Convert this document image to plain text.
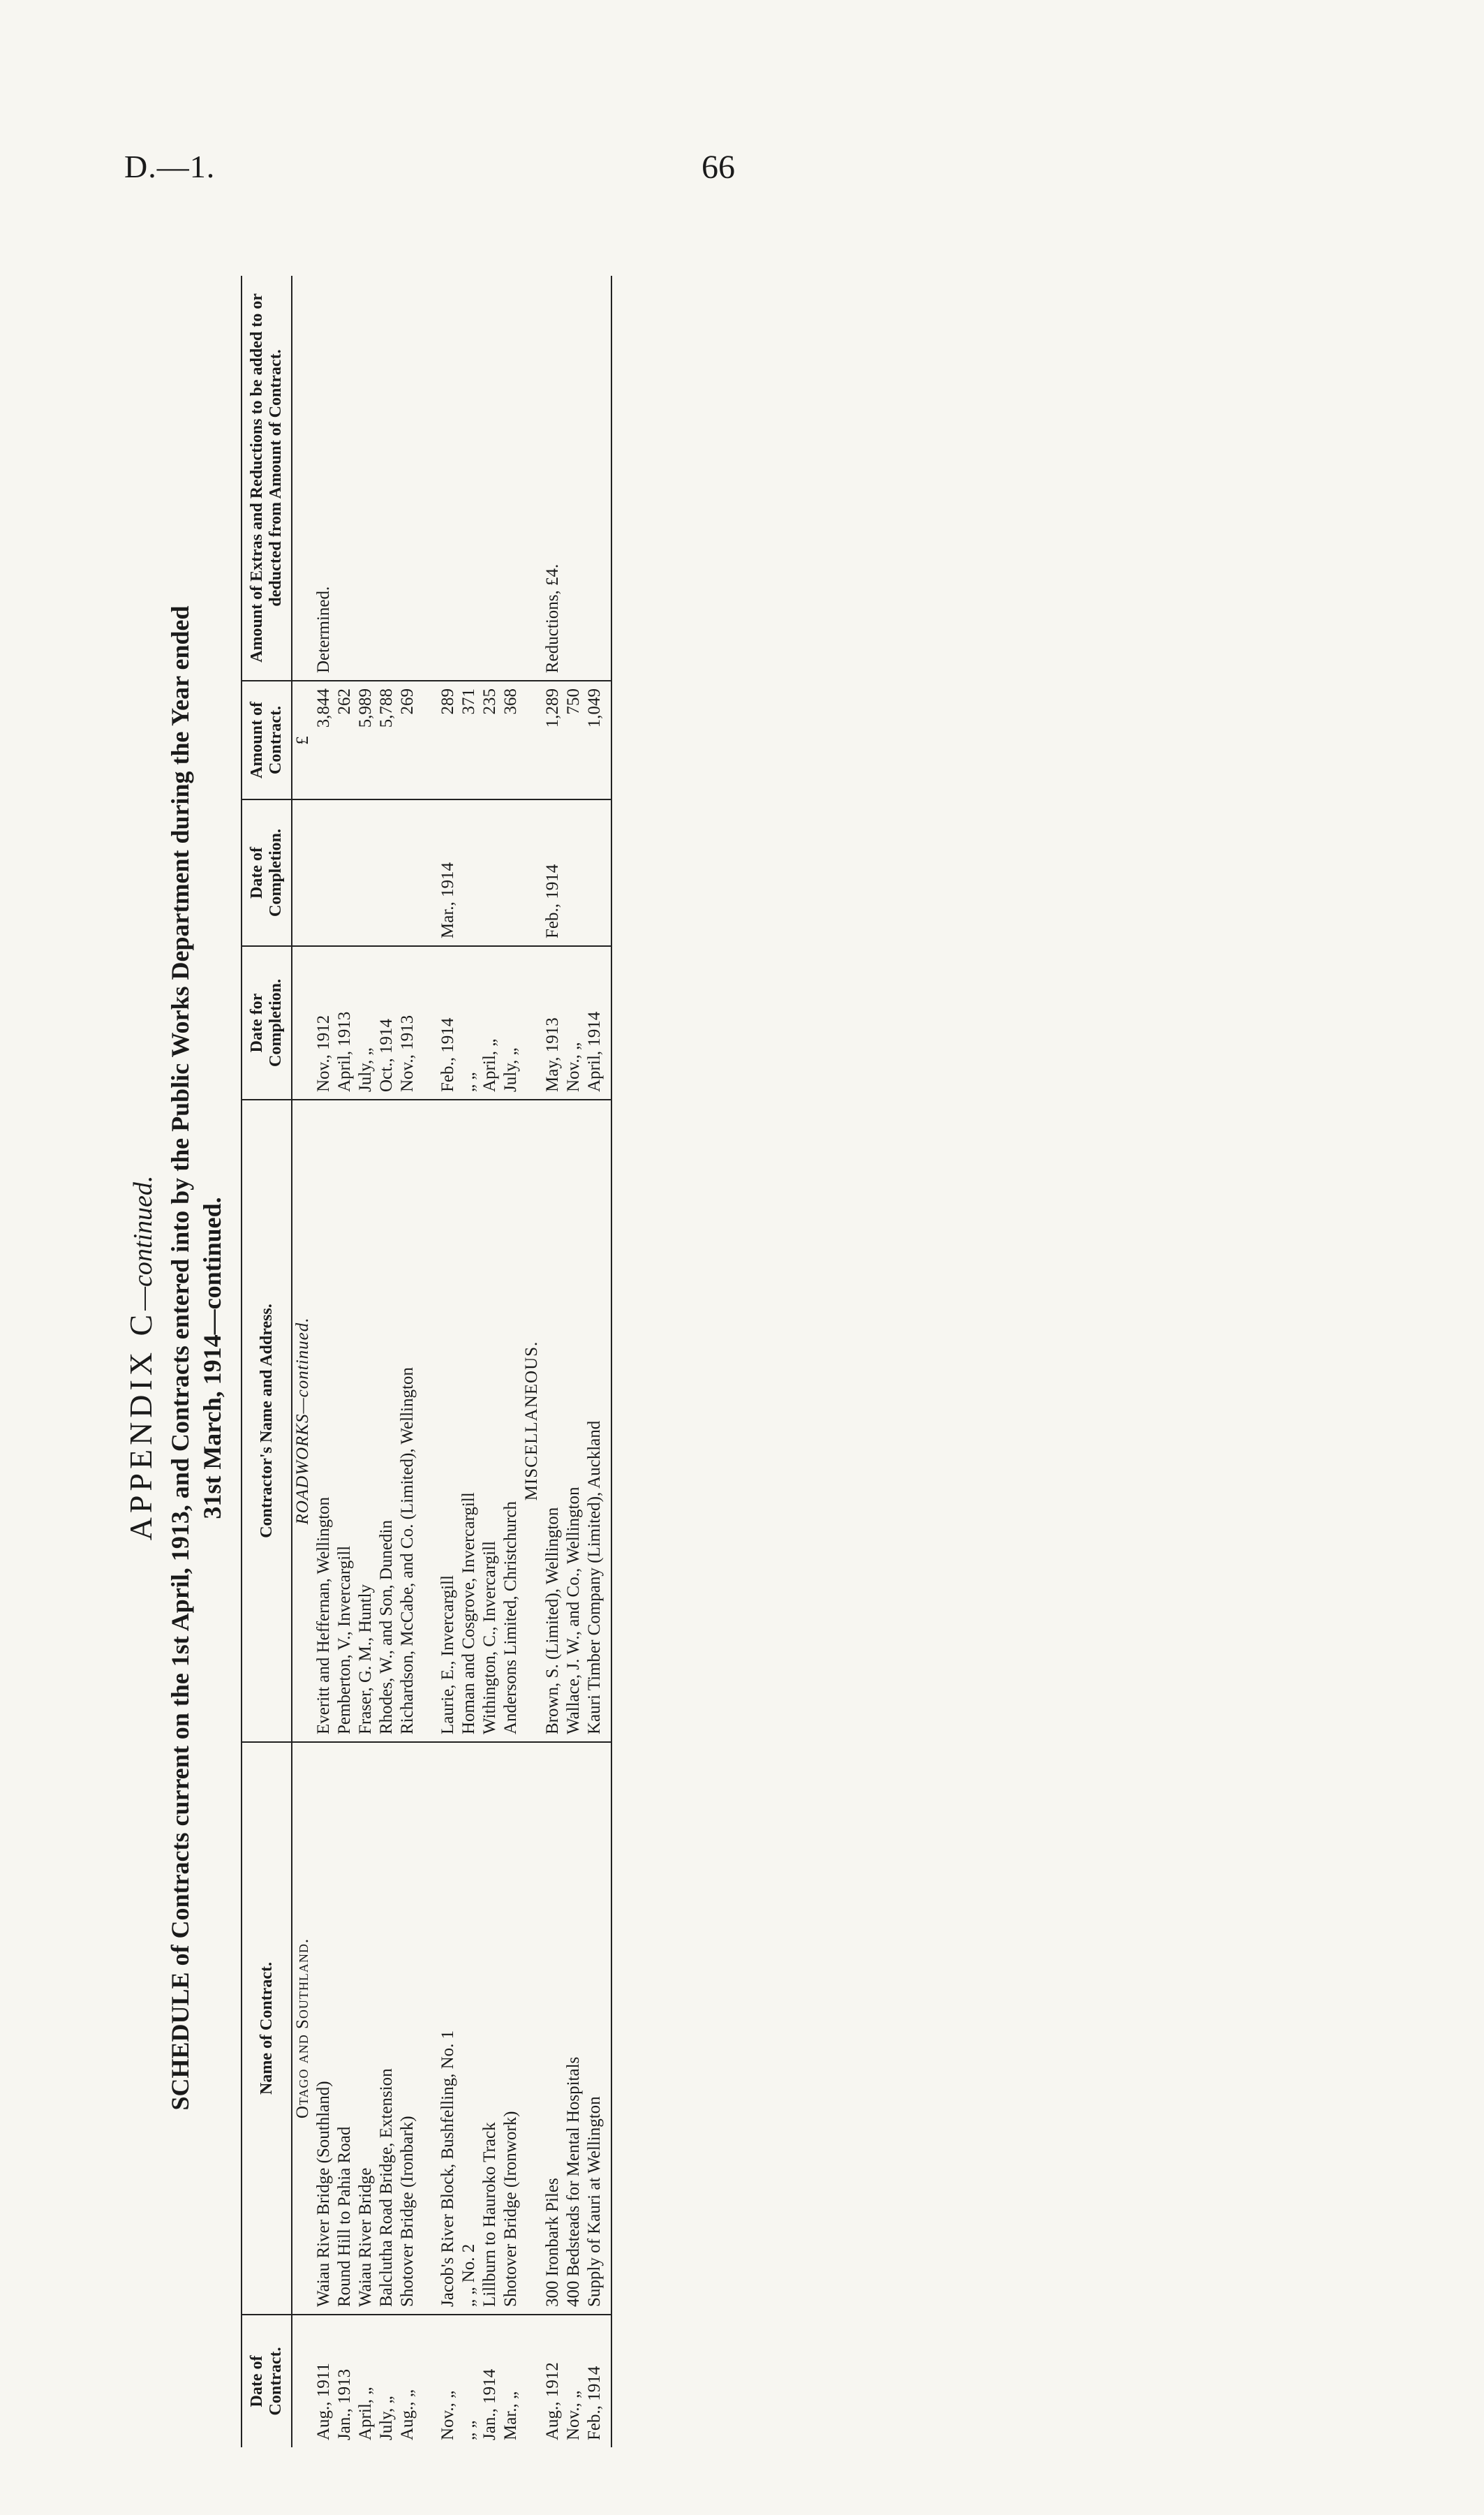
D.—1.	66
APPENDIX C—continued. SCHEDULE of Contracts current on the 1st April, 1913, and Contracts entered into by the Public Works Department during the Year ended 31st March, 1914—continued.
Date of Contract.	Name of Contract.	Contractor's Name and Address.	Date for Completion.	Date of Completion.	Amount of Contract.	Amount of Extras and Reductions to be added to or deducted from Amount of Contract.
	Otago and Southland.	ROADWORKS—continued.			£	
Aug., 1911	Waiau River Bridge (Southland)	Everitt and Heffernan, Wellington	Nov., 1912		3,844	Determined.
Jan., 1913	Round Hill to Pahia Road	Pemberton, V., Invercargill	April, 1913		262	
April, „	Waiau River Bridge	Fraser, G. M., Huntly	July, „		5,989	
July, „	Balclutha Road Bridge, Extension	Rhodes, W., and Son, Dunedin	Oct., 1914		5,788	
Aug., „	Shotover Bridge (Ironbark)	Richardson, McCabe, and Co. (Limited), Wellington	Nov., 1913		269	

Nov., „	Jacob's River Block, Bushfelling, No. 1	Laurie, E., Invercargill	Feb., 1914	Mar., 1914	289	
„ „	„ „ No. 2	Homan and Cosgrove, Invercargill	„ „		371	
Jan., 1914	Lillburn to Hauroko Track	Withington, C., Invercargill	April, „		235	
Mar., „	Shotover Bridge (Ironwork)	Andersons Limited, Christchurch	July, „		368	
		MISCELLANEOUS.				
Aug., 1912	300 Ironbark Piles	Brown, S. (Limited), Wellington	May, 1913	Feb., 1914	1,289	Reductions, £4.
Nov., „	400 Bedsteads for Mental Hospitals	Wallace, J. W., and Co., Wellington	Nov., „		750	
Feb., 1914	Supply of Kauri at Wellington	Kauri Timber Company (Limited), Auckland	April, 1914		1,049	
